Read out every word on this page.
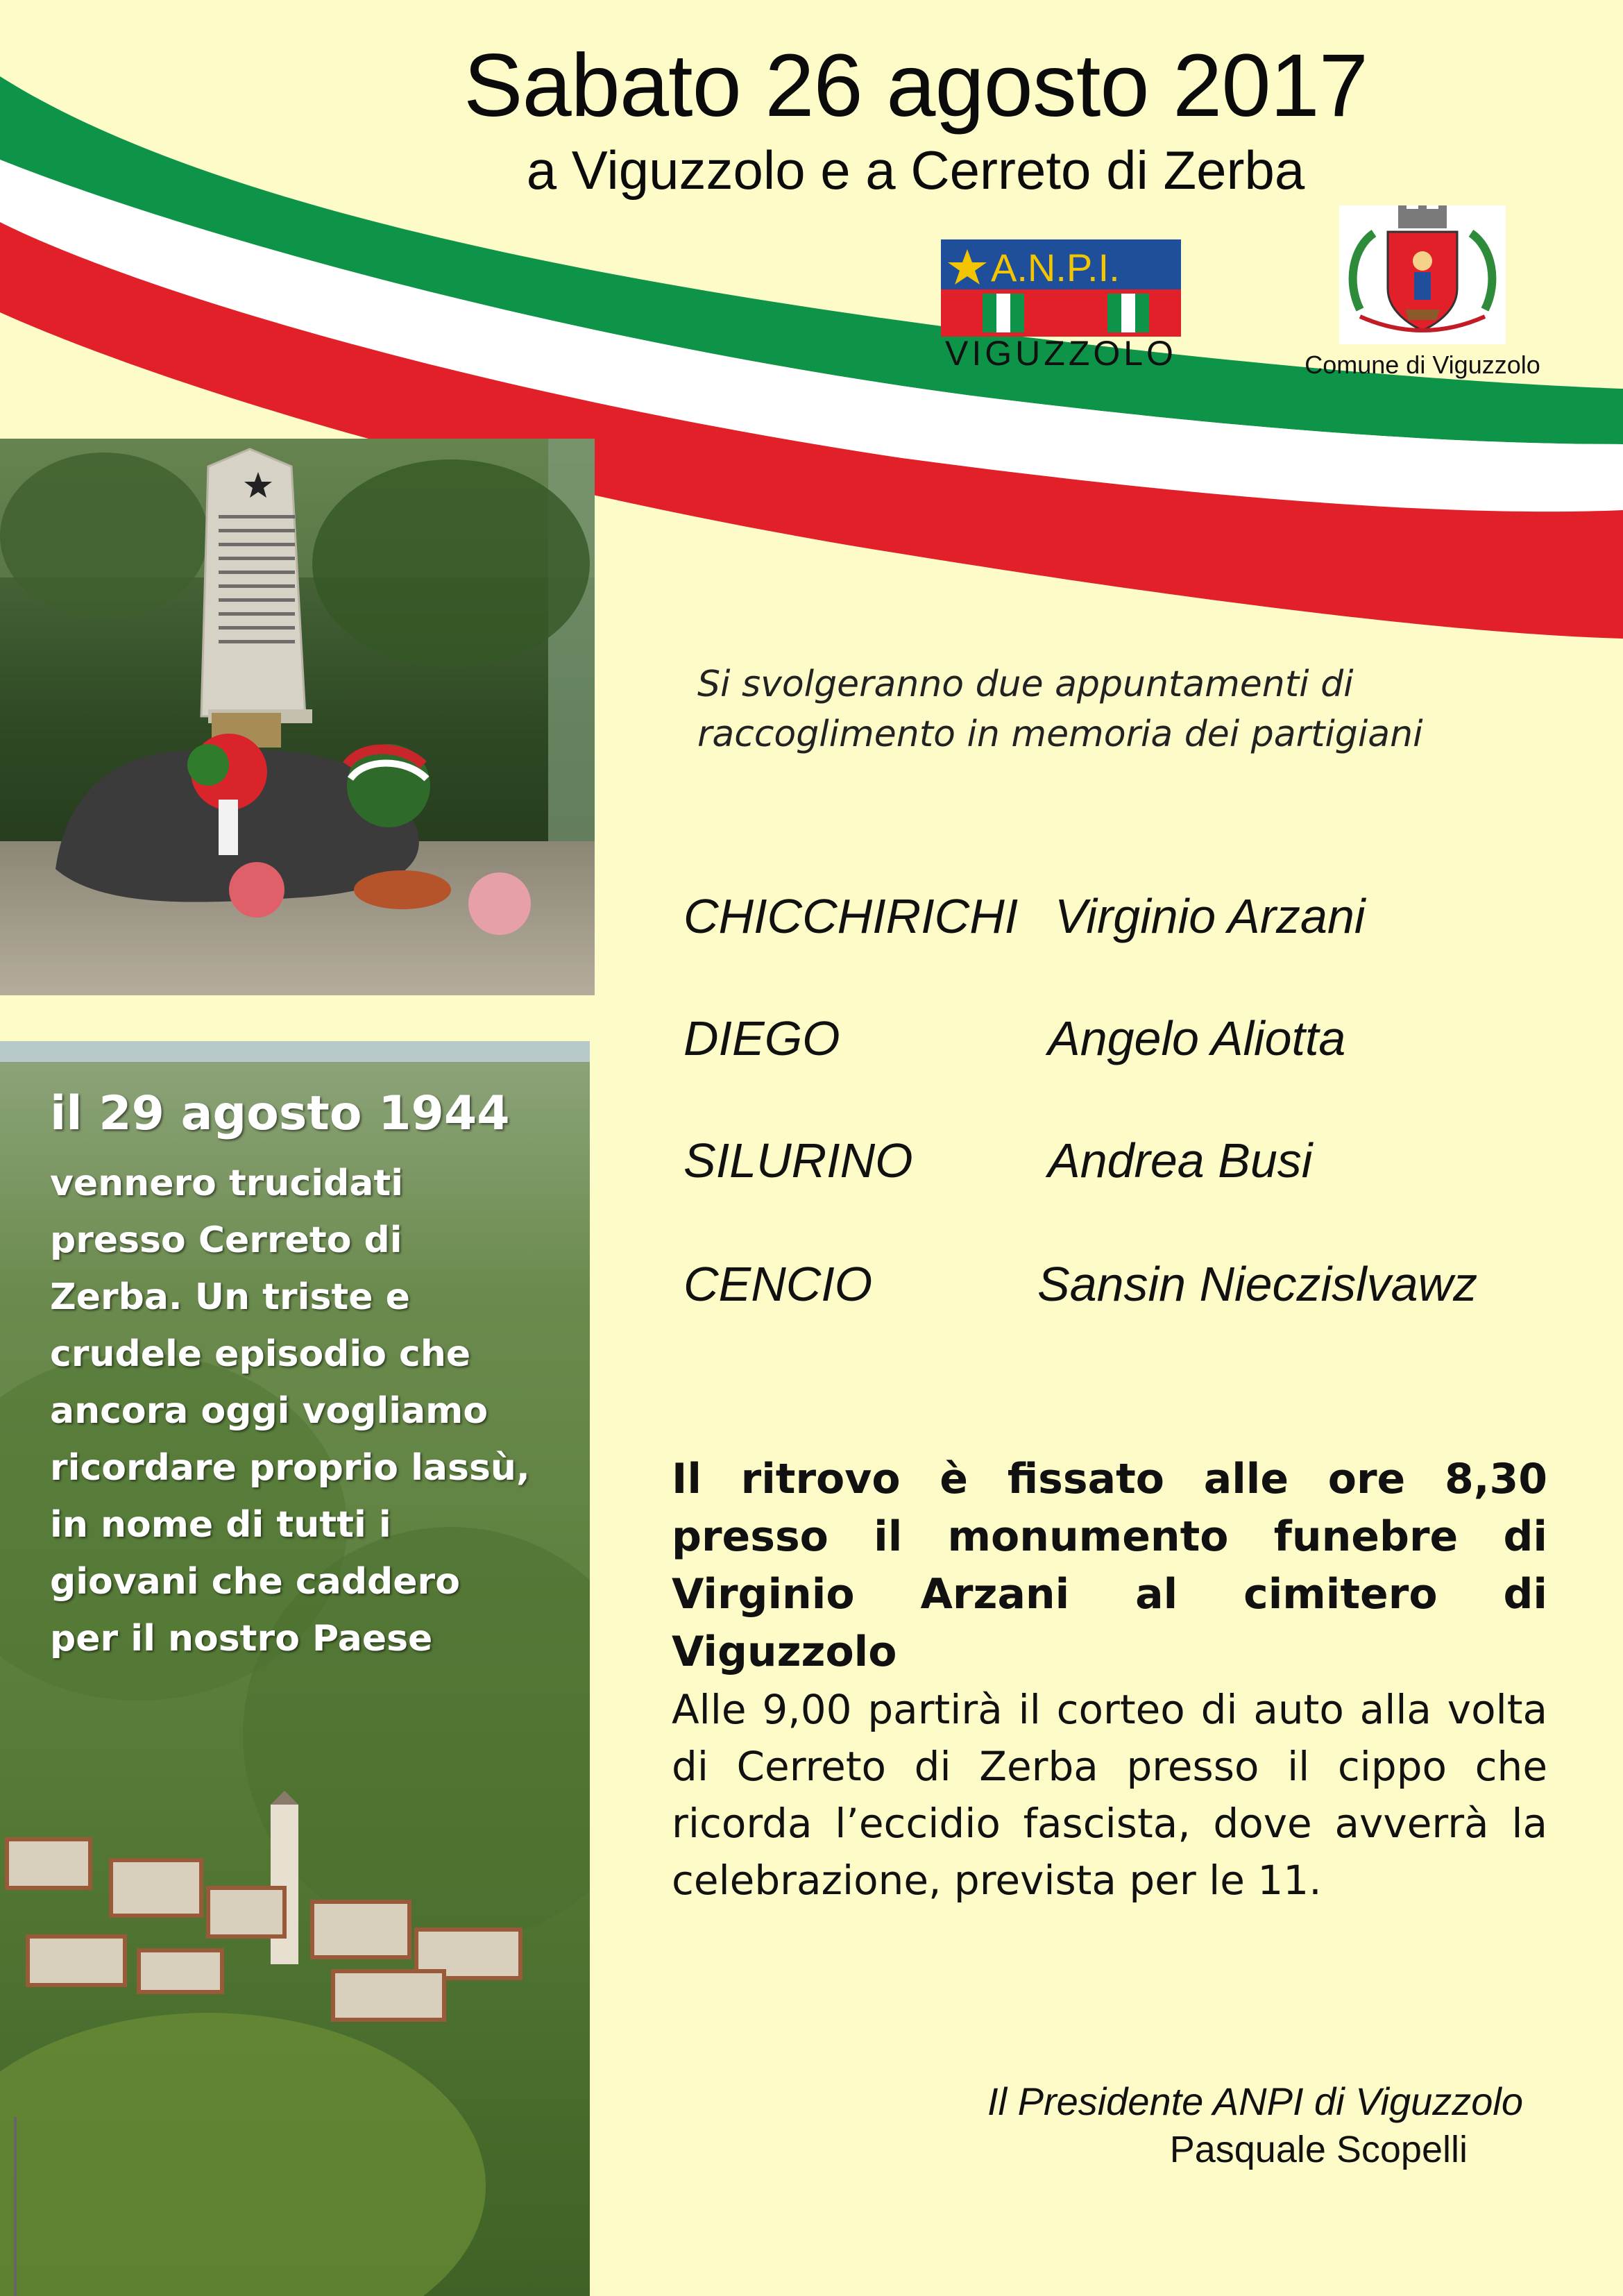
Sabato 26 agosto 2017
a Viguzzolo e a Cerreto di Zerba
A.N.P.I.
VIGUZZOLO	Comune di Viguzzolo
il 29 agosto 1944
vennero trucidati
presso Cerreto di
Zerba. Un triste e
crudele episodio che
ancora oggi vogliamo
ricordare proprio lassù,
in nome di tutti i
giovani che caddero
per il nostro Paese
Si svolgeranno due appuntamenti di
raccoglimento in memoria dei partigiani
CHICCHIRICHI Virginio Arzani
DIEGO	Angelo Aliotta
SILURINO	Andrea Busi
CENCIO	Sansin Nieczislvawz
Il ritrovo è fissato alle ore 8,30 presso il monumento funebre di Virginio Arzani al cimitero di Viguzzolo
Alle 9,00 partirà il corteo di auto alla volta di Cerreto di Zerba presso il cippo che ricorda l’eccidio fascista, dove avverrà la celebrazione, prevista per le 11.
Il Presidente ANPI di Viguzzolo
Pasquale Scopelli
